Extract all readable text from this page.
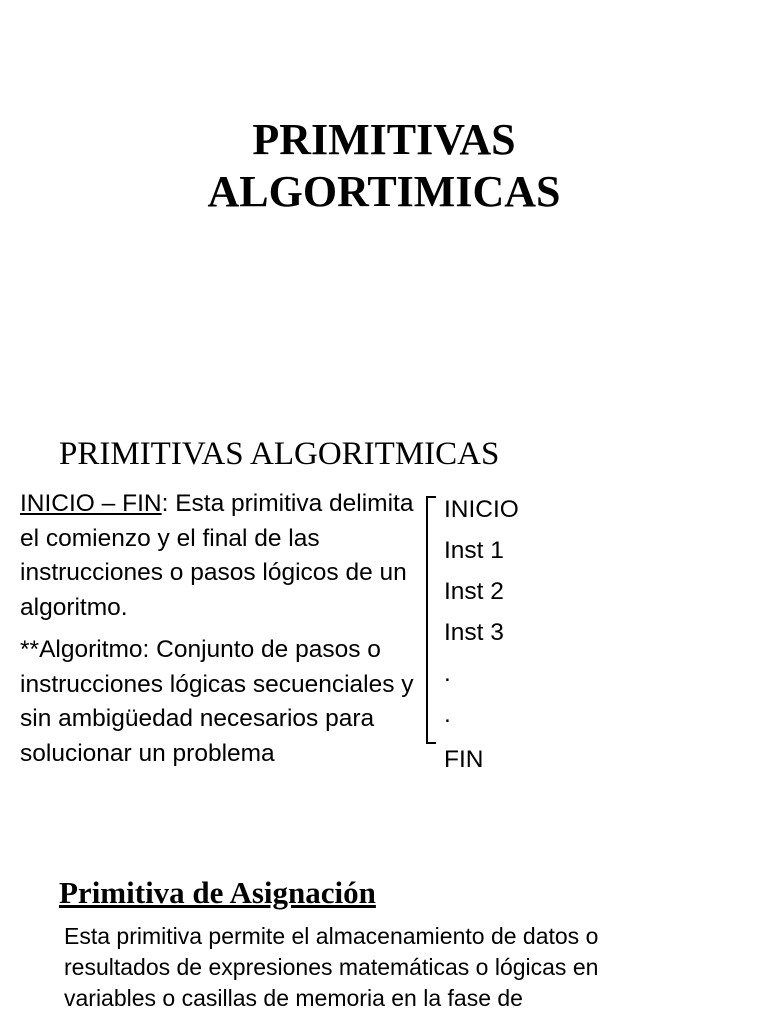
PRIMITIVAS
ALGORTIMICAS
PRIMITIVAS ALGORITMICAS

INICIO – FIN: Esta primitiva delimita el comienzo y el final de las instrucciones o pasos lógicos de un algoritmo.

**Algoritmo: Conjunto de pasos o instrucciones lógicas secuenciales y sin ambigüedad necesarios para solucionar un problema

INICIO
Inst 1
Inst 2
Inst 3
.
.
FIN
Primitiva de Asignación
Esta primitiva permite el almacenamiento de datos o
resultados de expresiones matemáticas o lógicas en
variables o casillas de memoria en la fase de
